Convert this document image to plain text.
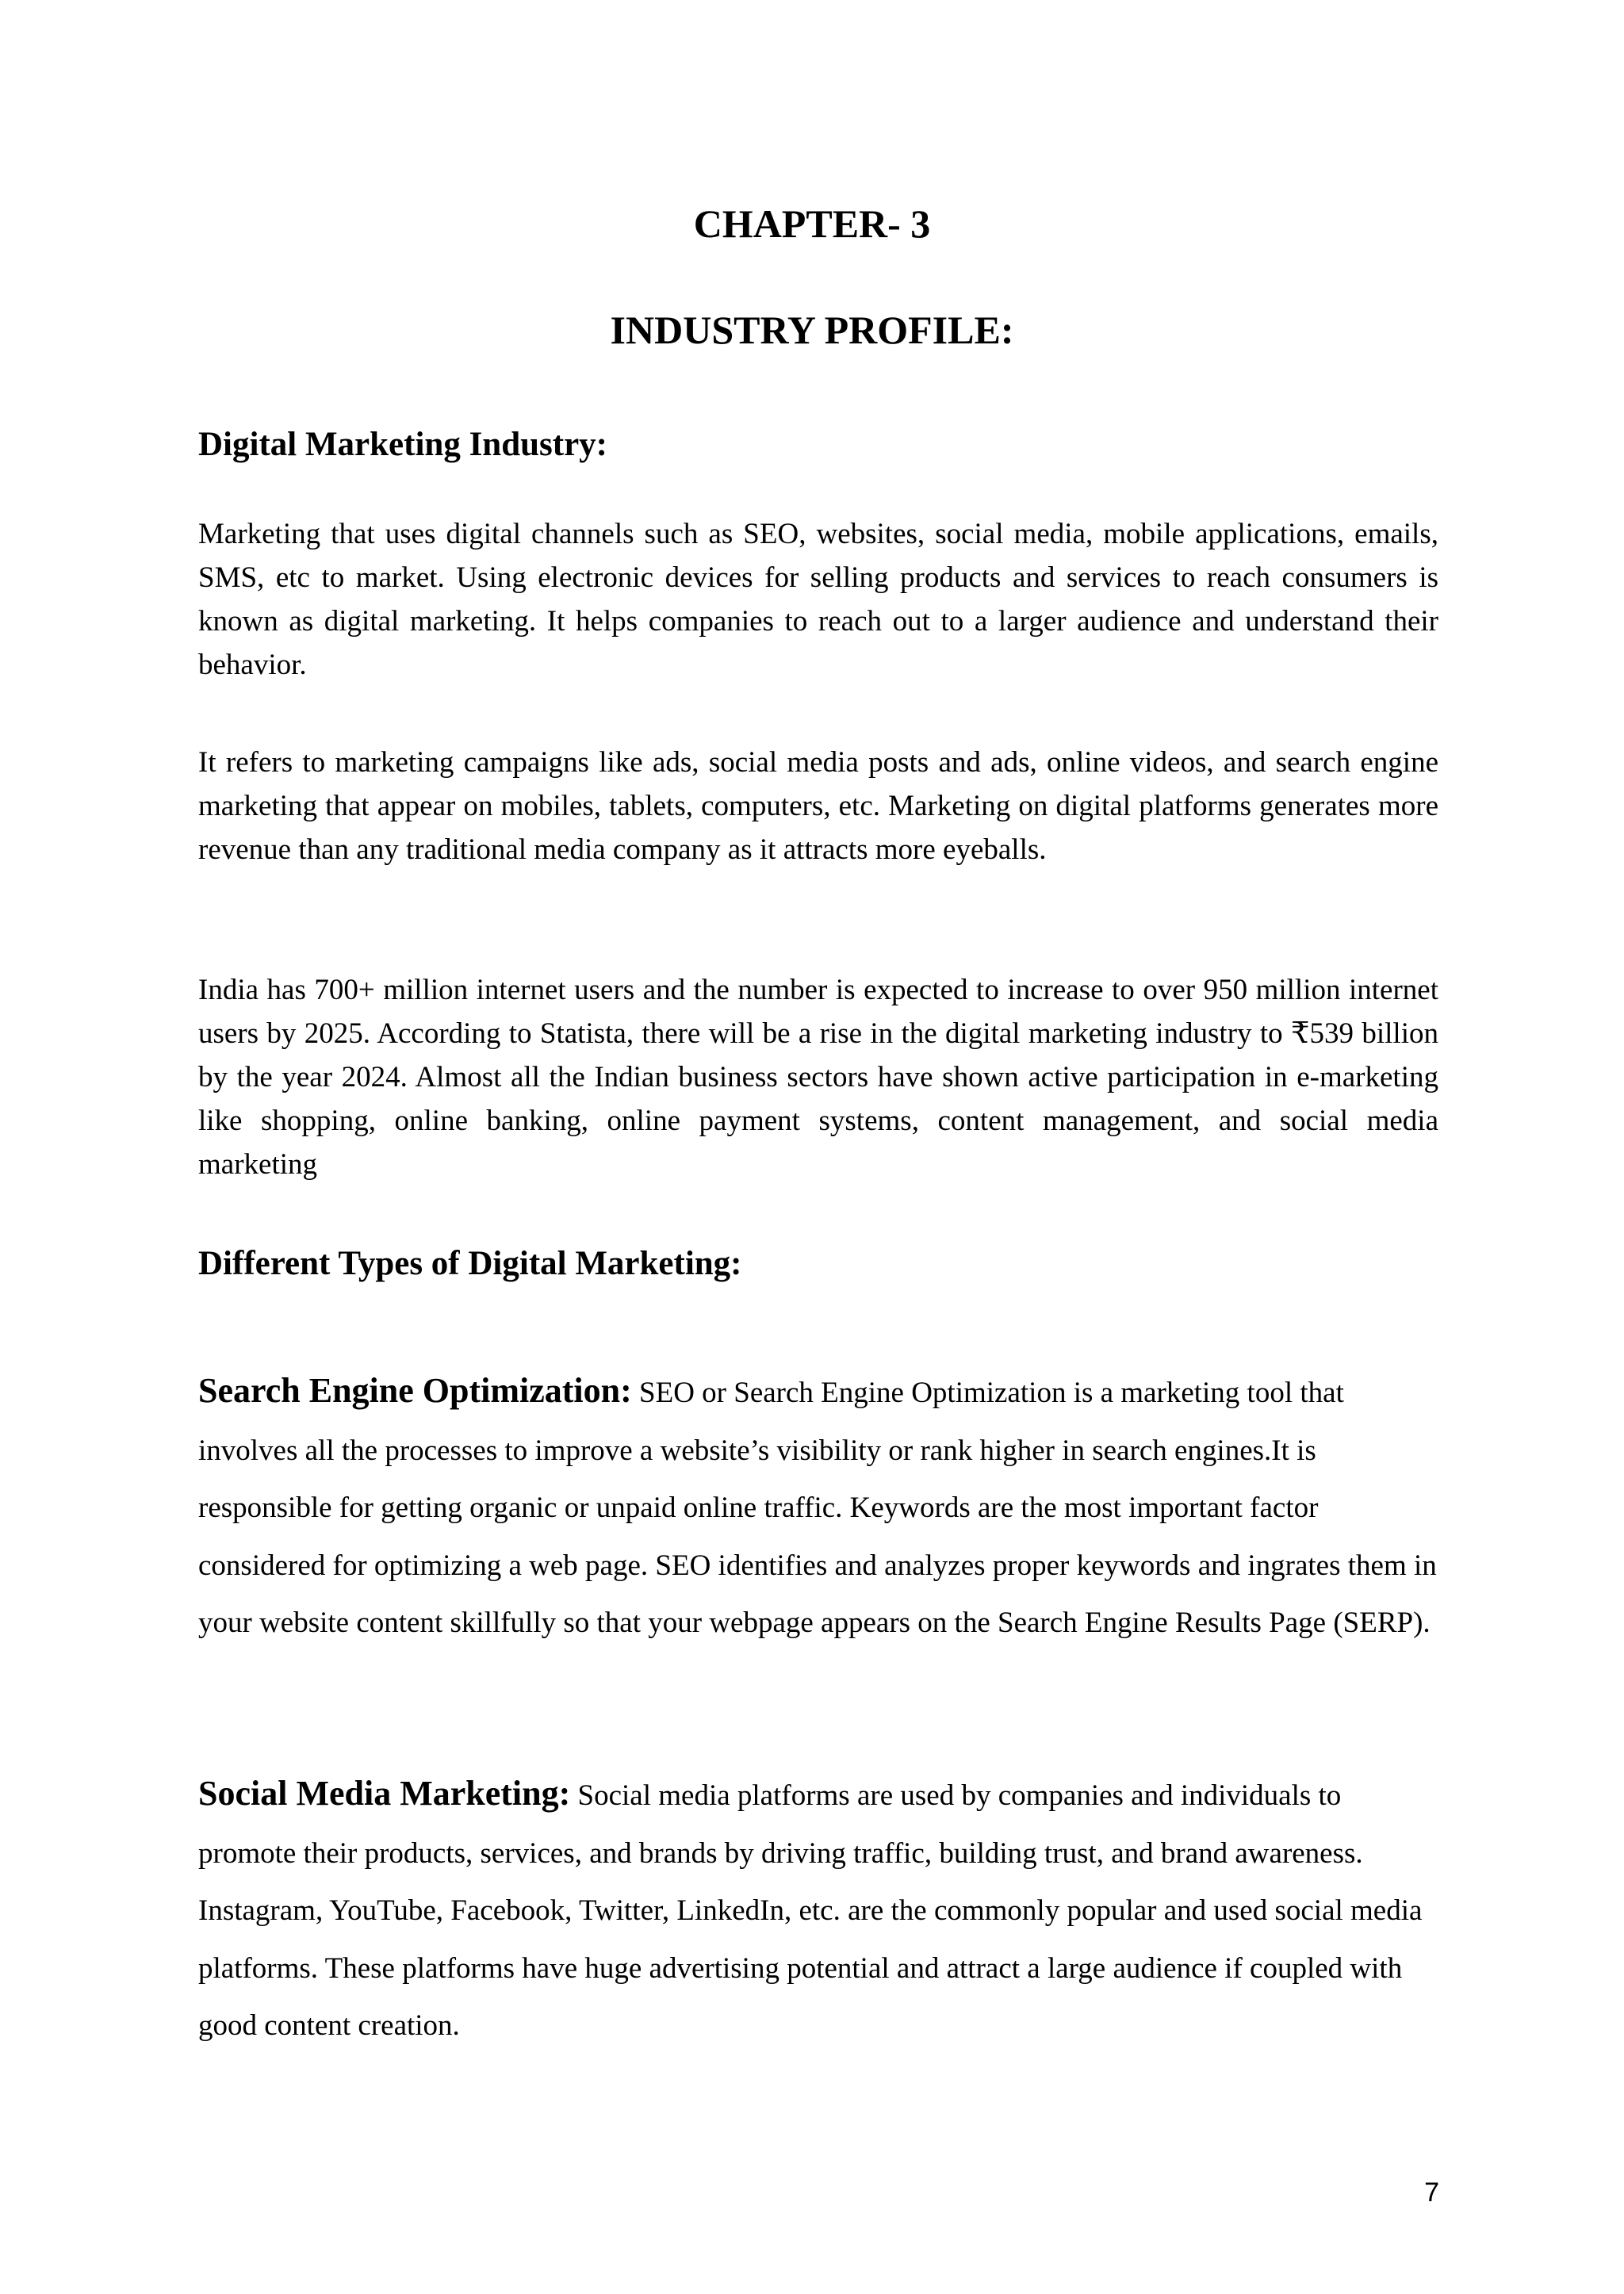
CHAPTER- 3
INDUSTRY PROFILE:
Digital Marketing Industry:

Marketing that uses digital channels such as SEO, websites, social media, mobile applications, emails, SMS, etc to market. Using electronic devices for selling products and services to reach consumers is known as digital marketing. It helps companies to reach out to a larger audience and understand their behavior.

It refers to marketing campaigns like ads, social media posts and ads, online videos, and search engine marketing that appear on mobiles, tablets, computers, etc. Marketing on digital platforms generates more revenue than any traditional media company as it attracts more eyeballs.

India has 700+ million internet users and the number is expected to increase to over 950 million internet users by 2025. According to Statista, there will be a rise in the digital marketing industry to ₹539 billion by the year 2024. Almost all the Indian business sectors have shown active participation in e-marketing like shopping, online banking, online payment systems, content management, and social media marketing

Different Types of Digital Marketing:

Search Engine Optimization: SEO or Search Engine Optimization is a marketing tool that involves all the processes to improve a website’s visibility or rank higher in search engines.It is responsible for getting organic or unpaid online traffic. Keywords are the most important factor considered for optimizing a web page. SEO identifies and analyzes proper keywords and ingrates them in your website content skillfully so that your webpage appears on the Search Engine Results Page (SERP).

Social Media Marketing: Social media platforms are used by companies and individuals to promote their products, services, and brands by driving traffic, building trust, and brand awareness. Instagram, YouTube, Facebook, Twitter, LinkedIn, etc. are the commonly popular and used social media platforms. These platforms have huge advertising potential and attract a large audience if coupled with good content creation.

7
